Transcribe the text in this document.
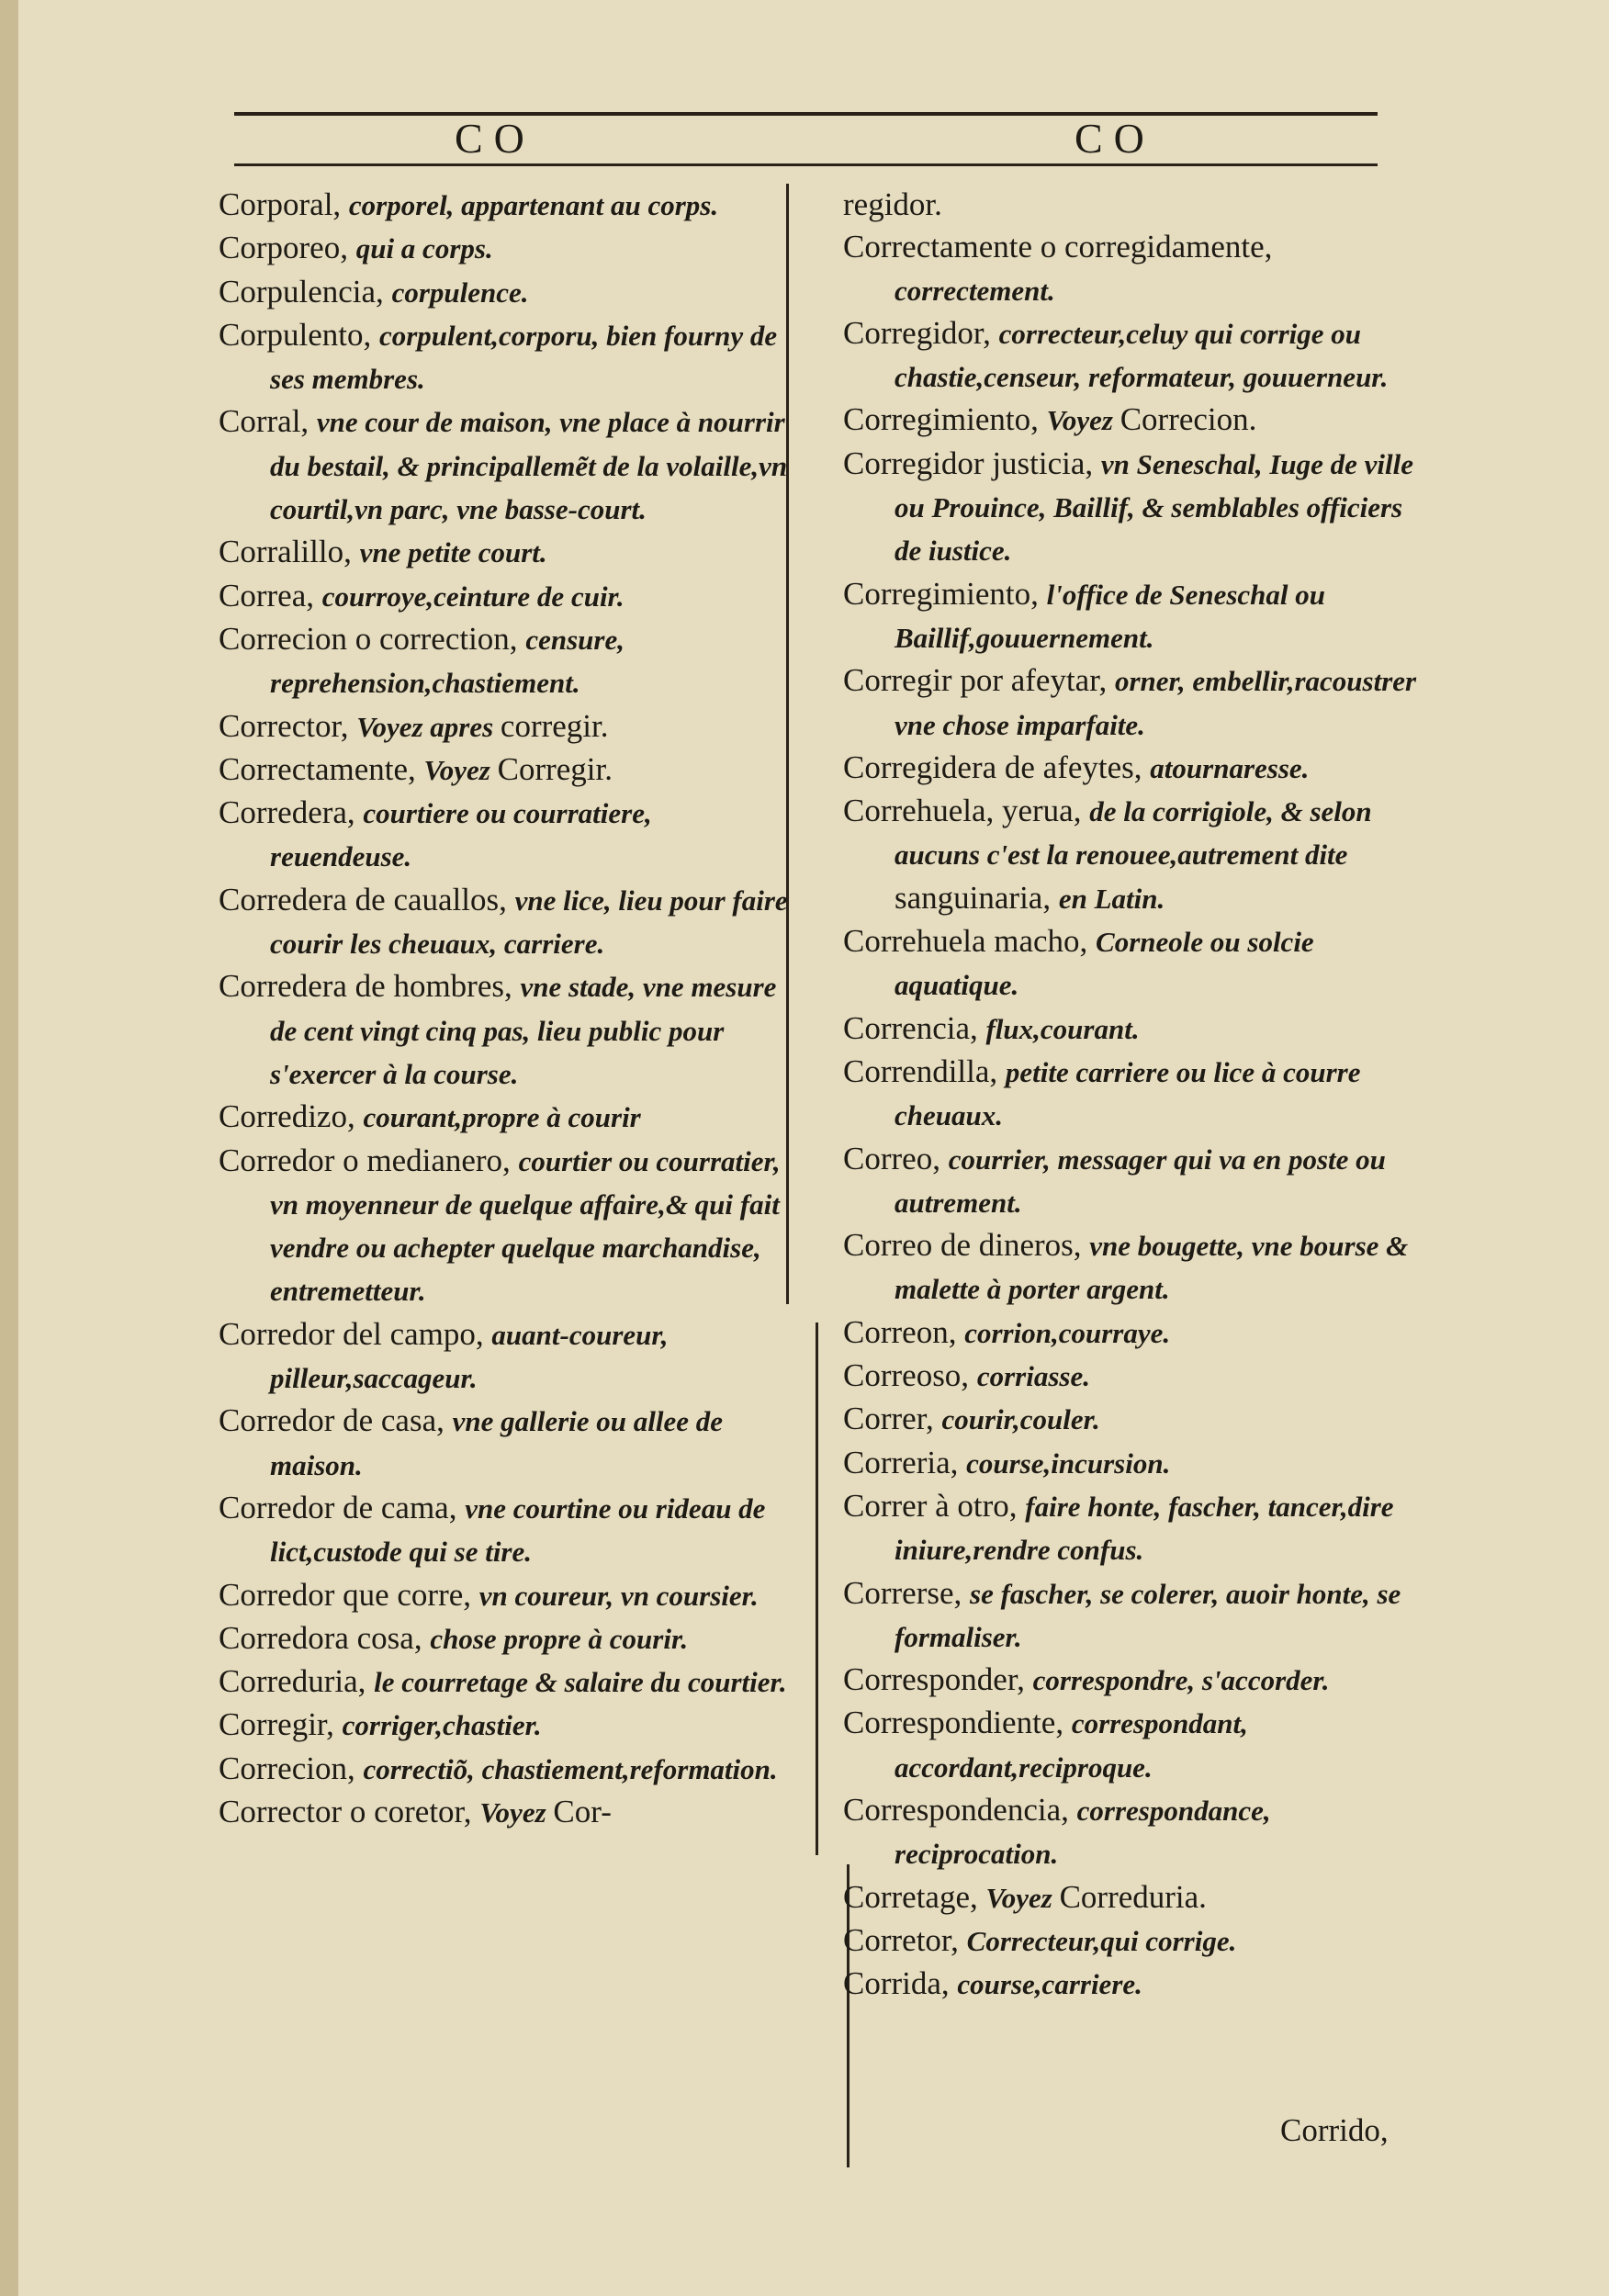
CO	CO

Corporal, corporel, appartenant au corps.

Corporeo, qui a corps.

Corpulencia, corpulence.

Corpulento, corpulent,corporu, bien fourny de ses membres.

Corral, vne cour de maison, vne place à nourrir du bestail, & principallemẽt de la volaille,vn courtil,vn parc, vne basse-court.

Corralillo, vne petite court.

Correa, courroye,ceinture de cuir.

Correcion o correction, censure, reprehension,chastiement.

Corrector, Voyez apres corregir.

Correctamente, Voyez Corregir.

Corredera, courtiere ou courratiere, reuendeuse.

Corredera de cauallos, vne lice, lieu pour faire courir les cheuaux, carriere.

Corredera de hombres, vne stade, vne mesure de cent vingt cinq pas, lieu public pour s'exercer à la course.

Corredizo, courant,propre à courir

Corredor o medianero, courtier ou courratier, vn moyenneur de quelque affaire,& qui fait vendre ou achepter quelque marchandise, entremetteur.

Corredor del campo, auant-coureur, pilleur,saccageur.

Corredor de casa, vne gallerie ou allee de maison.

Corredor de cama, vne courtine ou rideau de lict,custode qui se tire.

Corredor que corre, vn coureur, vn coursier.

Corredora cosa, chose propre à courir.

Correduria, le courretage & salaire du courtier.

Corregir, corriger,chastier.

Correcion, correctiõ, chastiement,reformation.

Corrector o coretor, Voyez Cor-

regidor.

Correctamente o corregidamente, correctement.

Corregidor, correcteur,celuy qui corrige ou chastie,censeur, reformateur, gouuerneur.

Corregimiento, Voyez Correcion.

Corregidor justicia, vn Seneschal, Iuge de ville ou Prouince, Baillif, & semblables officiers de iustice.

Corregimiento, l'office de Seneschal ou Baillif,gouuernement.

Corregir por afeytar, orner, embellir,racoustrer vne chose imparfaite.

Corregidera de afeytes, atournaresse.

Correhuela, yerua, de la corrigiole, & selon aucuns c'est la renouee,autrement dite sanguinaria, en Latin.

Correhuela macho, Corneole ou solcie aquatique.

Correncia, flux,courant.

Correndilla, petite carriere ou lice à courre cheuaux.

Correo, courrier, messager qui va en poste ou autrement.

Correo de dineros, vne bougette, vne bourse & malette à porter argent.

Correon, corrion,courraye.

Correoso, corriasse.

Correr, courir,couler.

Correria, course,incursion.

Correr à otro, faire honte, fascher, tancer,dire iniure,rendre confus.

Correrse, se fascher, se colerer, auoir honte, se formaliser.

Corresponder, correspondre, s'accorder.

Correspondiente, correspondant, accordant,reciproque.

Correspondencia, correspondance, reciprocation.

Corretage, Voyez Correduria.

Corretor, Correcteur,qui corrige.

Corrida, course,carriere.

Corrido,
